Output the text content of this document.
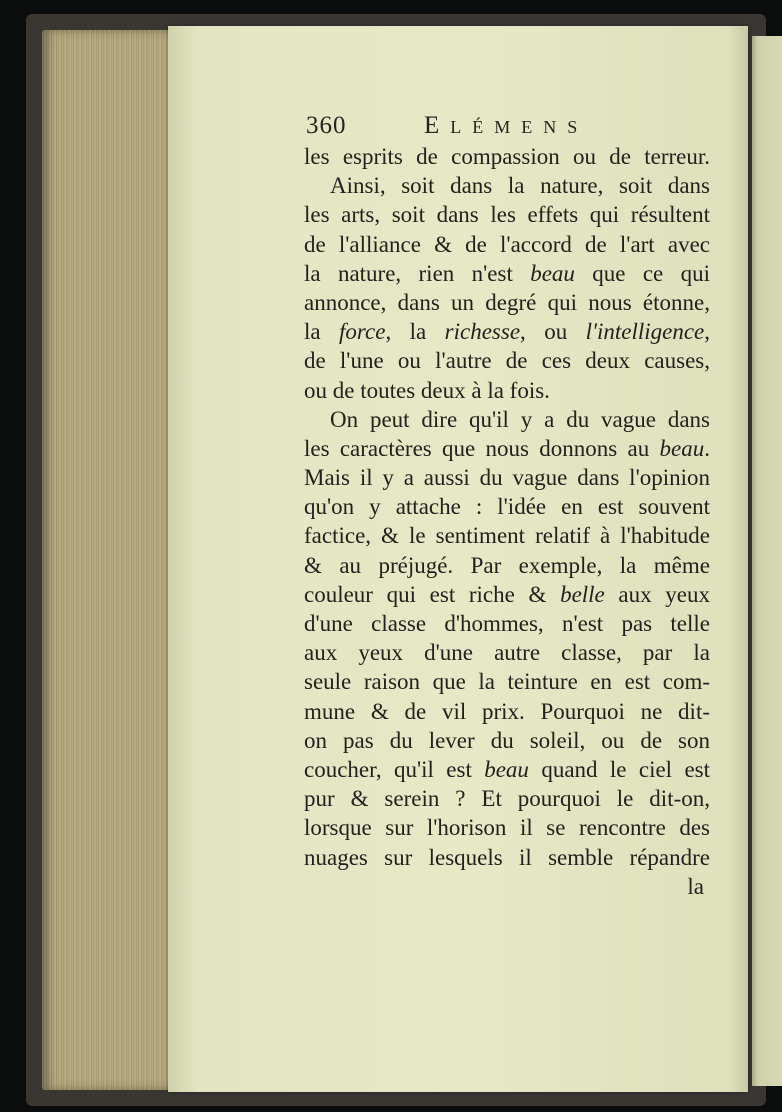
360	Elémens
les esprits de compassion ou de terreur.
Ainsi, soit dans la nature, soit dans
les arts, soit dans les effets qui résultent
de l'alliance & de l'accord de l'art avec
la nature, rien n'est beau que ce qui
annonce, dans un degré qui nous étonne,
la force, la richesse, ou l'intelligence,
de l'une ou l'autre de ces deux causes,
ou de toutes deux à la fois.
On peut dire qu'il y a du vague dans
les caractères que nous donnons au beau.
Mais il y a aussi du vague dans l'opinion
qu'on y attache : l'idée en est souvent
factice, & le sentiment relatif à l'habitude
& au préjugé. Par exemple, la même
couleur qui est riche & belle aux yeux
d'une classe d'hommes, n'est pas telle
aux yeux d'une autre classe, par la
seule raison que la teinture en est com-
mune & de vil prix. Pourquoi ne dit-
on pas du lever du soleil, ou de son
coucher, qu'il est beau quand le ciel est
pur & serein ? Et pourquoi le dit-on,
lorsque sur l'horison il se rencontre des
nuages sur lesquels il semble répandre
la
